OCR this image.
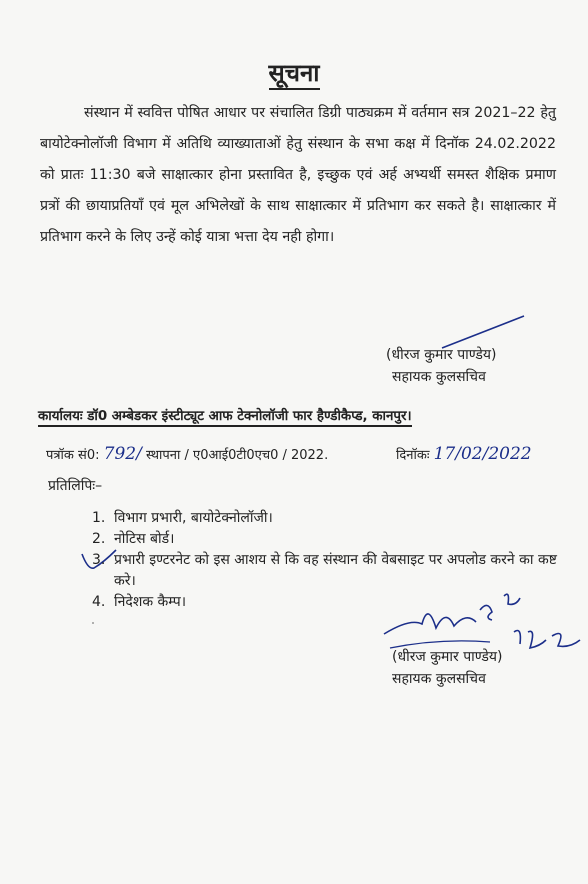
सूचना

संस्थान में स्ववित्त पोषित आधार पर संचालित डिग्री पाठ्यक्रम में वर्तमान सत्र 2021–22 हेतु बायोटेक्नोलॉजी विभाग में अतिथि व्याख्याताओं हेतु संस्थान के सभा कक्ष में दिनॉक 24.02.2022 को प्रातः 11:30 बजे साक्षात्कार होना प्रस्तावित है, इच्छुक एवं अर्ह अभ्यर्थी समस्त शैक्षिक प्रमाण प्रत्रों की छायाप्रतियॉं एवं मूल अभिलेखों के साथ साक्षात्कार में प्रतिभाग कर सकते है। साक्षात्कार में प्रतिभाग करने के लिए उन्हें कोई यात्रा भत्ता देय नही होगा।

(धीरज कुमार पाण्डेय)
सहायक कुलसचिव
कार्यालयः डॉ0 अम्बेडकर इंस्टीट्यूट आफ टेक्नोलॉजी फार हैण्डीकैप्ड, कानपुर।
पत्रॉक सं0: 792/ स्थापना / ए0आई0टी0एच0 / 2022.	दिनॉकः 17/02/2022
प्रतिलिपिः–
1. विभाग प्रभारी, बायोटेक्नोलॉजी।
2. नोटिस बोर्ड।
3. प्रभारी इण्टरनेट को इस आशय से कि वह संस्थान की वेबसाइट पर अपलोड करने का कष्ट करे।
4. निदेशक कैम्प।
(धीरज कुमार पाण्डेय)
सहायक कुलसचिव
